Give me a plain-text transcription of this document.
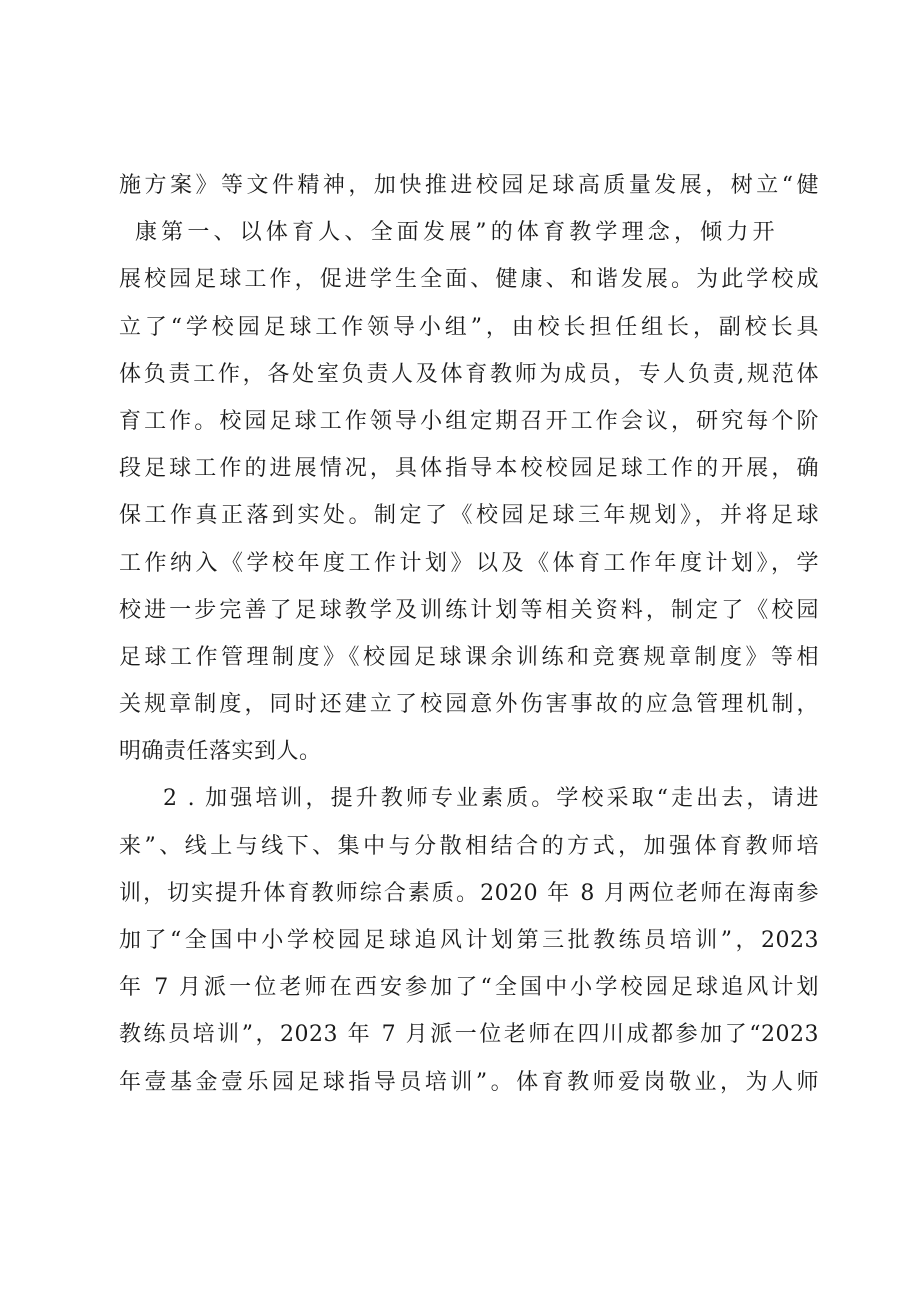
施方案》等文件精神，加快推进校园足球高质量发展，树立“健
康第一、以体育人、全面发展”的体育教学理念，倾力开
展校园足球工作，促进学生全面、健康、和谐发展。为此学校成
立了“学校园足球工作领导小组”，由校长担任组长，副校长具
体负责工作，各处室负责人及体育教师为成员，专人负责,规范体
育工作。校园足球工作领导小组定期召开工作会议，研究每个阶
段足球工作的进展情况，具体指导本校校园足球工作的开展，确
保工作真正落到实处。制定了《校园足球三年规划》，并将足球
工作纳入《学校年度工作计划》以及《体育工作年度计划》，学
校进一步完善了足球教学及训练计划等相关资料，制定了《校园
足球工作管理制度》《校园足球课余训练和竞赛规章制度》等相
关规章制度，同时还建立了校园意外伤害事故的应急管理机制，
明确责任落实到人。
2 . 加强培训，提升教师专业素质。学校采取“走出去，请进
来”、线上与线下、集中与分散相结合的方式，加强体育教师培
训，切实提升体育教师综合素质。2020 年 8 月两位老师在海南参
加了“全国中小学校园足球追风计划第三批教练员培训”，2023
年 7 月派一位老师在西安参加了“全国中小学校园足球追风计划
教练员培训”，2023 年 7 月派一位老师在四川成都参加了“2023
年壹基金壹乐园足球指导员培训”。体育教师爱岗敬业，为人师
